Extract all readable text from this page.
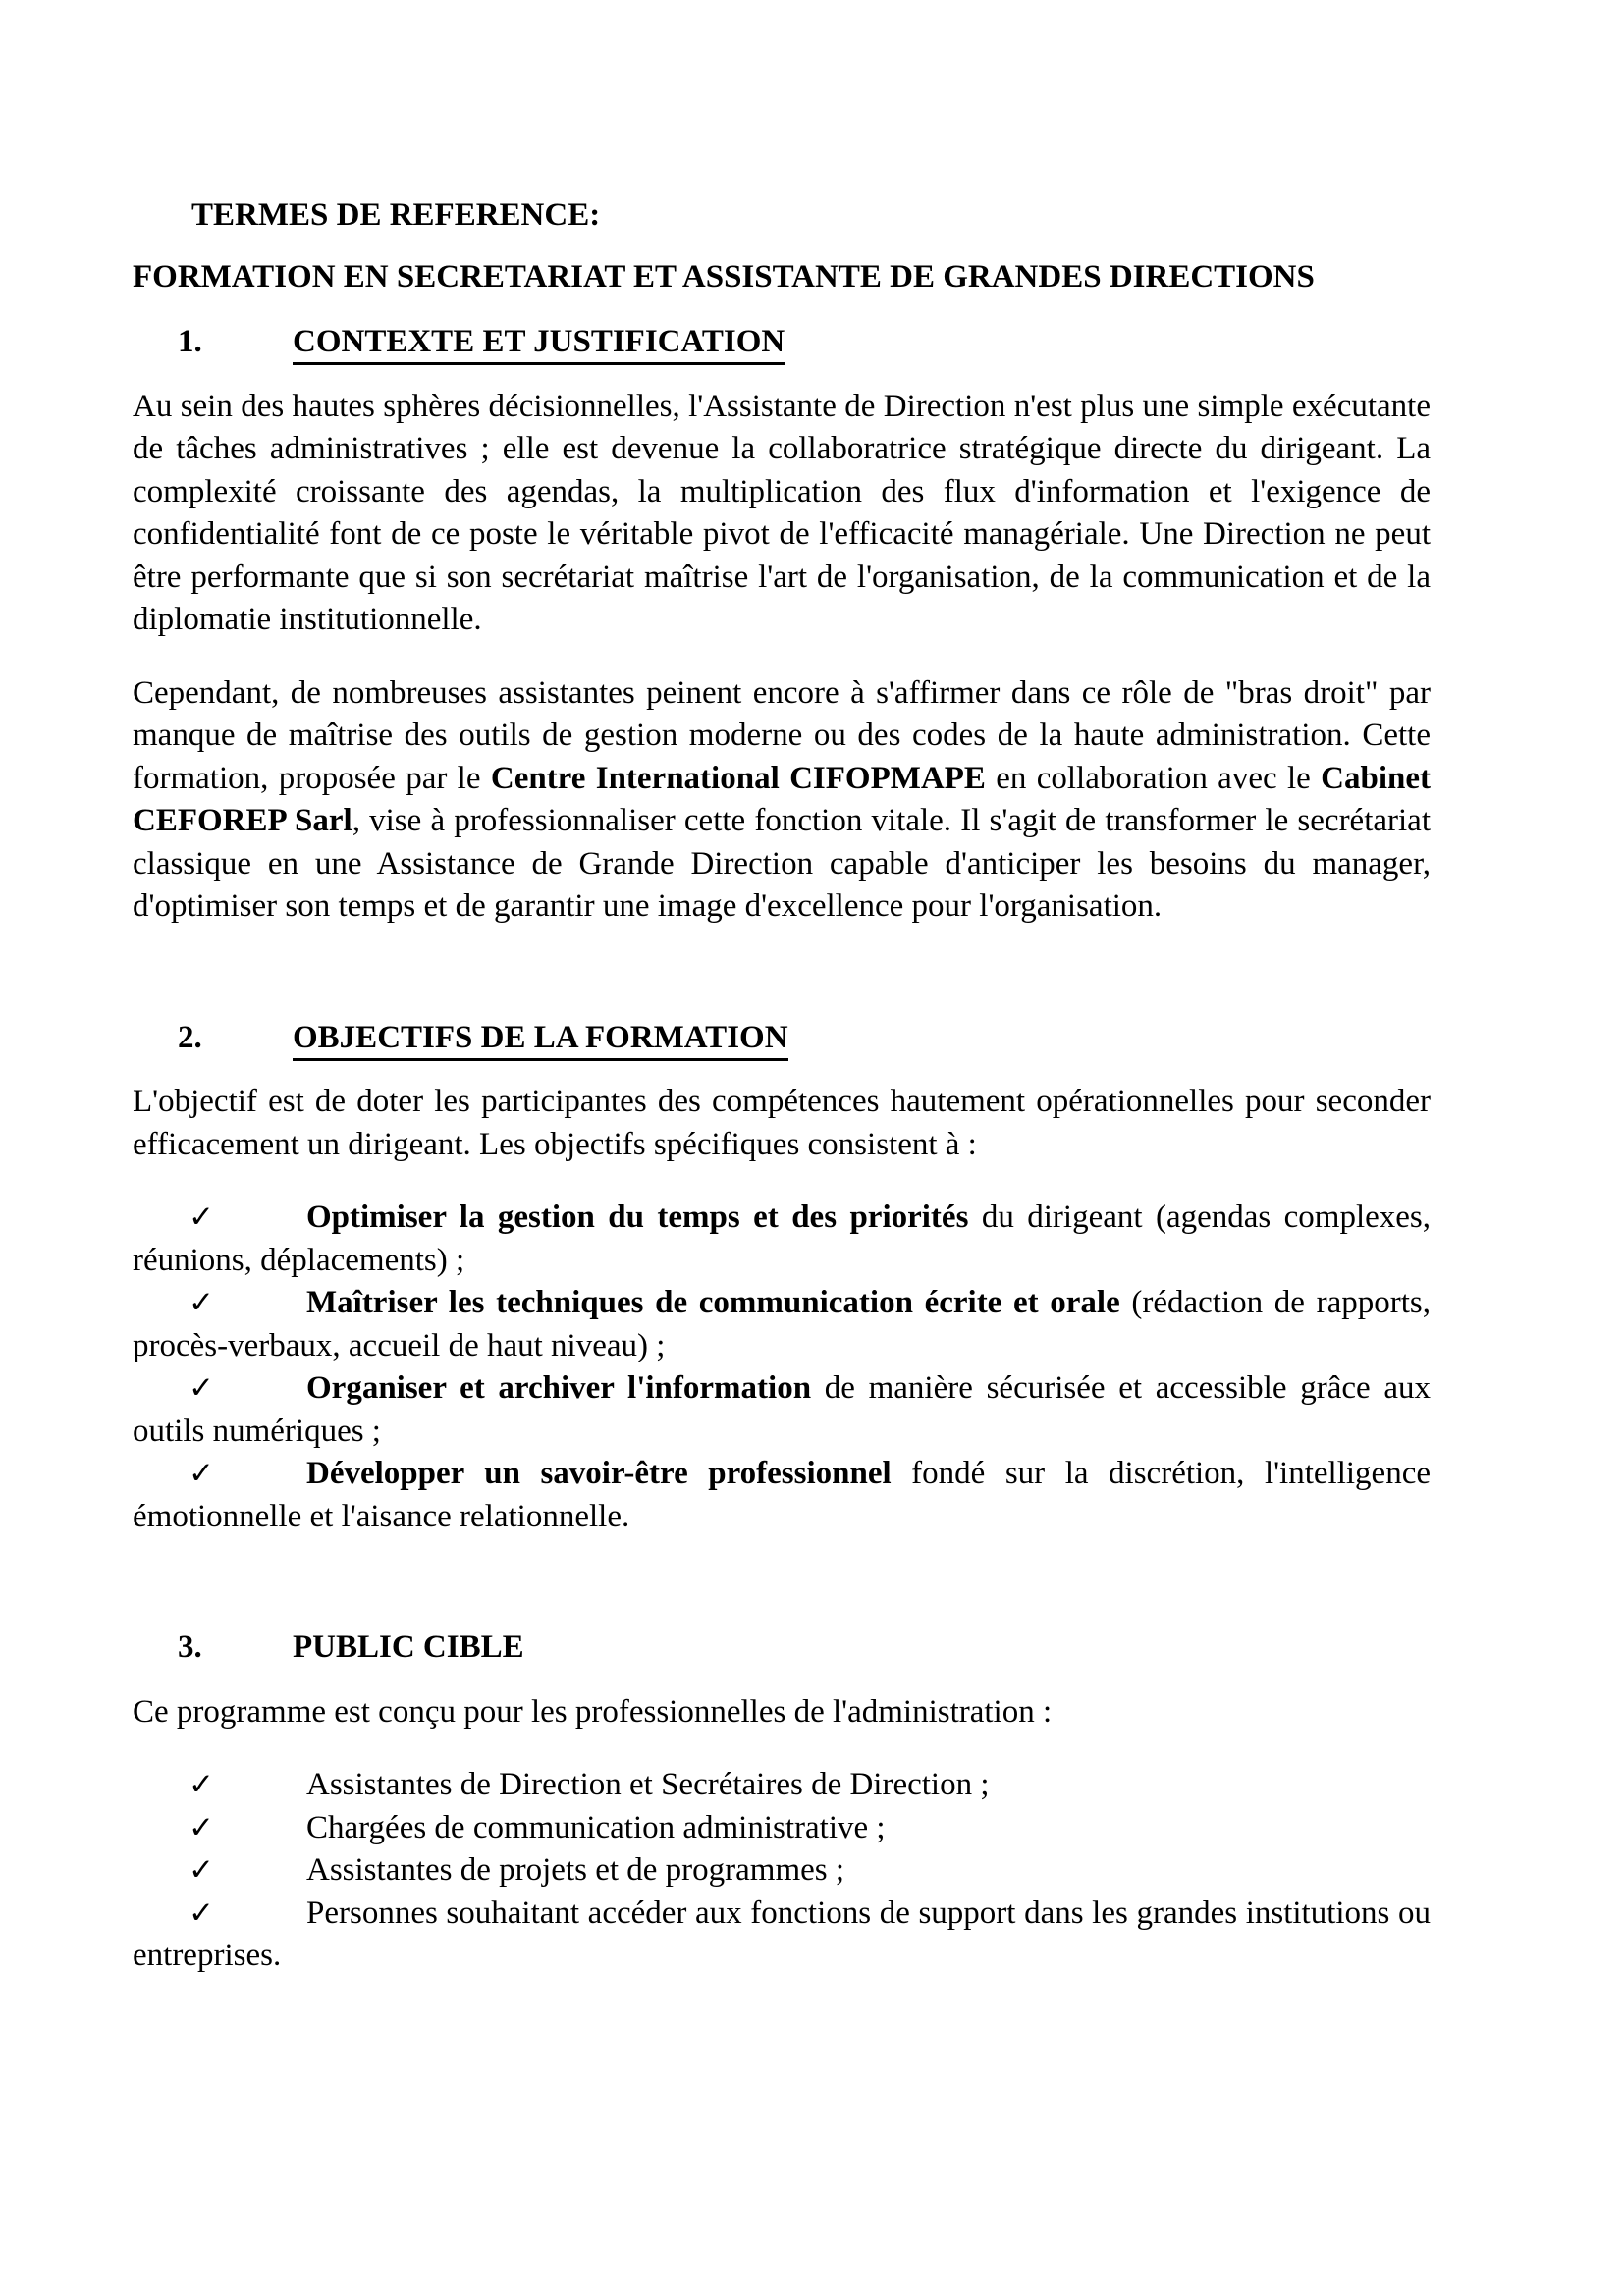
TERMES DE REFERENCE:
FORMATION EN SECRETARIAT ET ASSISTANTE DE GRANDES DIRECTIONS
1.	CONTEXTE ET JUSTIFICATION

Au sein des hautes sphères décisionnelles, l'Assistante de Direction n'est plus une simple exécutante de tâches administratives ; elle est devenue la collaboratrice stratégique directe du dirigeant. La complexité croissante des agendas, la multiplication des flux d'information et l'exigence de confidentialité font de ce poste le véritable pivot de l'efficacité managériale. Une Direction ne peut être performante que si son secrétariat maîtrise l'art de l'organisation, de la communication et de la diplomatie institutionnelle.

Cependant, de nombreuses assistantes peinent encore à s'affirmer dans ce rôle de "bras droit" par manque de maîtrise des outils de gestion moderne ou des codes de la haute administration. Cette formation, proposée par le Centre International CIFOPMAPE en collaboration avec le Cabinet CEFOREP Sarl, vise à professionnaliser cette fonction vitale. Il s'agit de transformer le secrétariat classique en une Assistance de Grande Direction capable d'anticiper les besoins du manager, d'optimiser son temps et de garantir une image d'excellence pour l'organisation.

2.	OBJECTIFS DE LA FORMATION

L'objectif est de doter les participantes des compétences hautement opérationnelles pour seconder efficacement un dirigeant. Les objectifs spécifiques consistent à :

✓	Optimiser la gestion du temps et des priorités du dirigeant (agendas complexes, réunions, déplacements) ;
✓	Maîtriser les techniques de communication écrite et orale (rédaction de rapports, procès-verbaux, accueil de haut niveau) ;
✓	Organiser et archiver l'information de manière sécurisée et accessible grâce aux outils numériques ;
✓	Développer un savoir-être professionnel fondé sur la discrétion, l'intelligence émotionnelle et l'aisance relationnelle.
3.	PUBLIC CIBLE

Ce programme est conçu pour les professionnelles de l'administration :

✓	Assistantes de Direction et Secrétaires de Direction ;
✓	Chargées de communication administrative ;
✓	Assistantes de projets et de programmes ;
✓	Personnes souhaitant accéder aux fonctions de support dans les grandes institutions ou entreprises.
